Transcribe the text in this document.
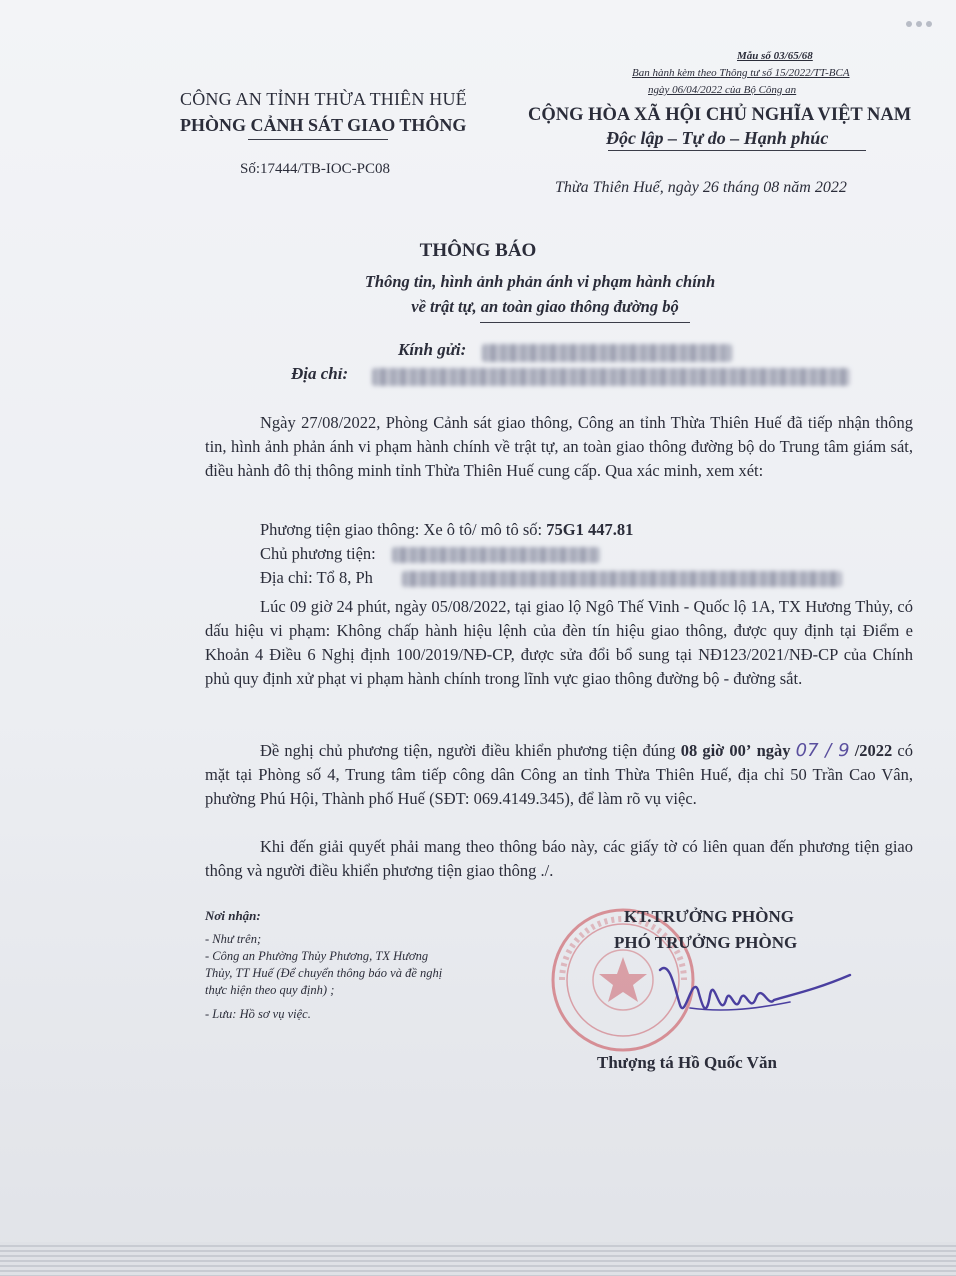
Mẫu số 03/65/68
Ban hành kèm theo Thông tư số 15/2022/TT-BCA
ngày 06/04/2022 của Bộ Công an
CÔNG AN TỈNH THỪA THIÊN HUẾ
PHÒNG CẢNH SÁT GIAO THÔNG	CỘNG HÒA XÃ HỘI CHỦ NGHĨA VIỆT NAM
Độc lập – Tự do – Hạnh phúc
Số:17444/TB-IOC-PC08
Thừa Thiên Huế, ngày 26 tháng 08 năm 2022
THÔNG BÁO
Thông tin, hình ảnh phản ánh vi phạm hành chính
về trật tự, an toàn giao thông đường bộ
Kính gửi:
Địa chỉ:
Ngày 27/08/2022, Phòng Cảnh sát giao thông, Công an tỉnh Thừa Thiên Huế đã tiếp nhận thông tin, hình ảnh phản ánh vi phạm hành chính về trật tự, an toàn giao thông đường bộ do Trung tâm giám sát, điều hành đô thị thông minh tỉnh Thừa Thiên Huế cung cấp. Qua xác minh, xem xét:
Phương tiện giao thông: Xe ô tô/ mô tô số: 75G1 447.81
Chủ phương tiện:
Địa chỉ: Tổ 8, Ph
Lúc 09 giờ 24 phút, ngày 05/08/2022, tại giao lộ Ngô Thế Vinh - Quốc lộ 1A, TX Hương Thủy, có dấu hiệu vi phạm: Không chấp hành hiệu lệnh của đèn tín hiệu giao thông, được quy định tại Điểm e Khoản 4 Điều 6 Nghị định 100/2019/NĐ-CP, được sửa đổi bổ sung tại NĐ123/2021/NĐ-CP của Chính phủ quy định xử phạt vi phạm hành chính trong lĩnh vực giao thông đường bộ - đường sắt.
Đề nghị chủ phương tiện, người điều khiển phương tiện đúng 08 giờ 00’ ngày 07 / 9 /2022 có mặt tại Phòng số 4, Trung tâm tiếp công dân Công an tỉnh Thừa Thiên Huế, địa chỉ 50 Trần Cao Vân, phường Phú Hội, Thành phố Huế (SĐT: 069.4149.345), để làm rõ vụ việc.
Khi đến giải quyết phải mang theo thông báo này, các giấy tờ có liên quan đến phương tiện giao thông và người điều khiển phương tiện giao thông ./.
Nơi nhận:
- Như trên;
- Công an Phường Thủy Phương, TX Hương
Thủy, TT Huế (Để chuyển thông báo và đề nghị
thực hiện theo quy định) ;
- Lưu: Hồ sơ vụ việc.
KT.TRƯỞNG PHÒNG
PHÓ TRƯỞNG PHÒNG
Thượng tá Hồ Quốc Văn
